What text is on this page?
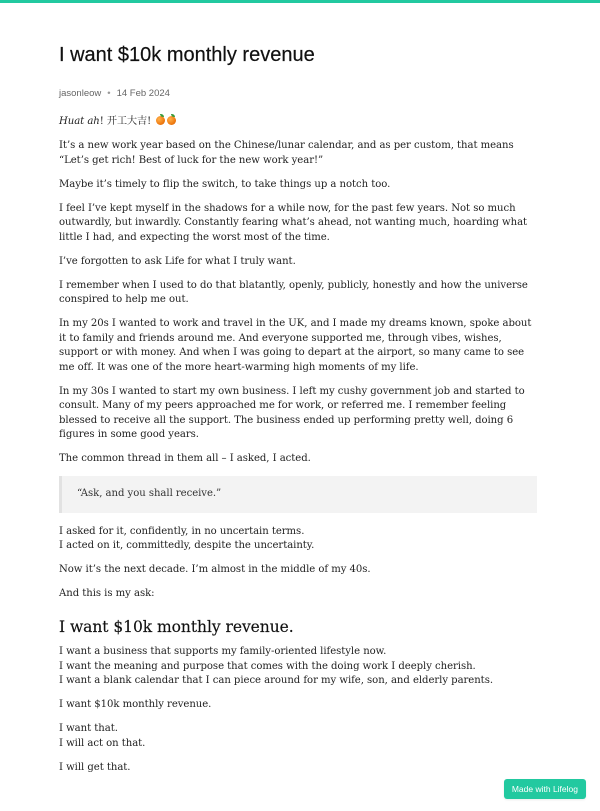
I want $10k monthly revenue
jasonleow • 14 Feb 2024

Huat ah! 开工大吉!

It’s a new work year based on the Chinese/lunar calendar, and as per custom, that means “Let’s get rich! Best of luck for the new work year!”

Maybe it’s timely to flip the switch, to take things up a notch too.

I feel I’ve kept myself in the shadows for a while now, for the past few years. Not so much outwardly, but inwardly. Constantly fearing what’s ahead, not wanting much, hoarding what little I had, and expecting the worst most of the time.

I’ve forgotten to ask Life for what I truly want.

I remember when I used to do that blatantly, openly, publicly, honestly and how the universe conspired to help me out.

In my 20s I wanted to work and travel in the UK, and I made my dreams known, spoke about it to family and friends around me. And everyone supported me, through vibes, wishes, support or with money. And when I was going to depart at the airport, so many came to see me off. It was one of the more heart-warming high moments of my life.

In my 30s I wanted to start my own business. I left my cushy government job and started to consult. Many of my peers approached me for work, or referred me. I remember feeling blessed to receive all the support. The business ended up performing pretty well, doing 6 figures in some good years.

The common thread in them all – I asked, I acted.

“Ask, and you shall receive.”

I asked for it, confidently, in no uncertain terms.
I acted on it, committedly, despite the uncertainty.

Now it’s the next decade. I’m almost in the middle of my 40s.

And this is my ask:

I want $10k monthly revenue.

I want a business that supports my family-oriented lifestyle now.
I want the meaning and purpose that comes with the doing work I deeply cherish.
I want a blank calendar that I can piece around for my wife, son, and elderly parents.

I want $10k monthly revenue.

I want that.
I will act on that.

I will get that.

Made with Lifelog
